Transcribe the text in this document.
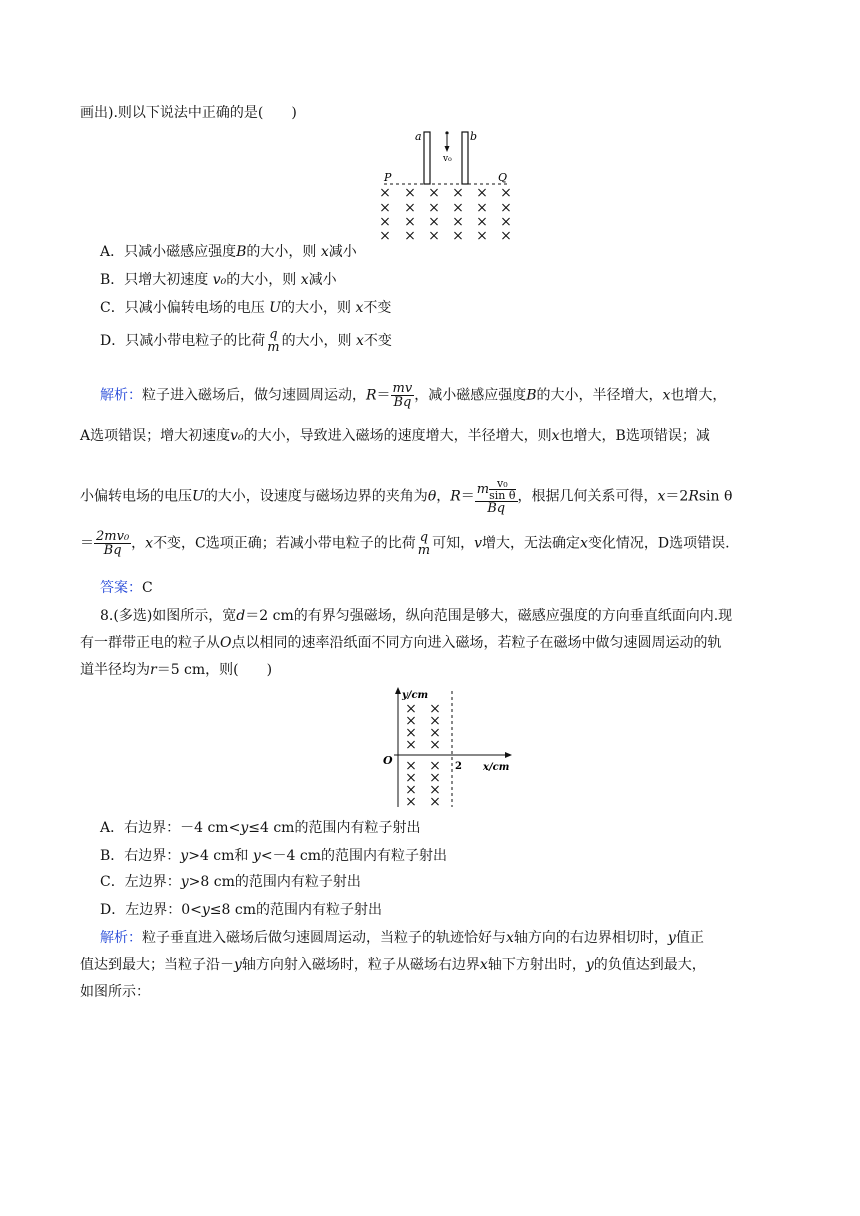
画出).则以下说法中正确的是(　　)
a	b
v₀
P	Q
× × × × × ×
× × × × × ×
× × × × × ×
× × × × × ×
A．只减小磁感应强度B的大小，则 x减小
B．只增大初速度 v₀的大小，则 x减小
C．只减小偏转电场的电压 U的大小，则 x不变
D．只减小带电粒子的比荷 q
m 的大小，则 x不变
解析：粒子进入磁场后，做匀速圆周运动，$R= \frac{mv}{Bq}$ ，减小磁感应强度B的大小，半径增大，x也增大，
A选项错误；增大初速度v₀的大小，导致进入磁场的速度增大，半径增大，则x也增大，B选项错误；减
小偏转电场的电压U的大小，设速度与磁场边界的夹角为θ，$R= \frac{m \frac{\text{v₀}}{\text{sin θ}}}{Bq}$ ，根据几何关系可得，x＝2Rsin θ
＝ $\frac{\text{2mv₀}}{Bq}$ ，x不变，C选项正确；若减小带电粒子的比荷 q
m 可知，v增大，无法确定x变化情况，D选项错误.
答案：C
8.(多选)如图所示，宽d＝2 cm的有界匀强磁场，纵向范围是够大，磁感应强度的方向垂直纸面向内.现
有一群带正电的粒子从O点以相同的速率沿纸面不同方向进入磁场，若粒子在磁场中做匀速圆周运动的轨
道半径均为r＝5 cm，则(　　)
y/cm
x/cm
O	2
× ×
× ×
× ×
× ×
× ×
× ×
× ×
× ×
A．右边界：－4 cm<y≤4 cm的范围内有粒子射出
B．右边界：y>4 cm和 y<－4 cm的范围内有粒子射出
C．左边界：y>8 cm的范围内有粒子射出
D．左边界：0<y≤8 cm的范围内有粒子射出
解析：粒子垂直进入磁场后做匀速圆周运动，当粒子的轨迹恰好与x轴方向的右边界相切时，y值正
值达到最大；当粒子沿－y轴方向射入磁场时，粒子从磁场右边界x轴下方射出时，y的负值达到最大，
如图所示：
